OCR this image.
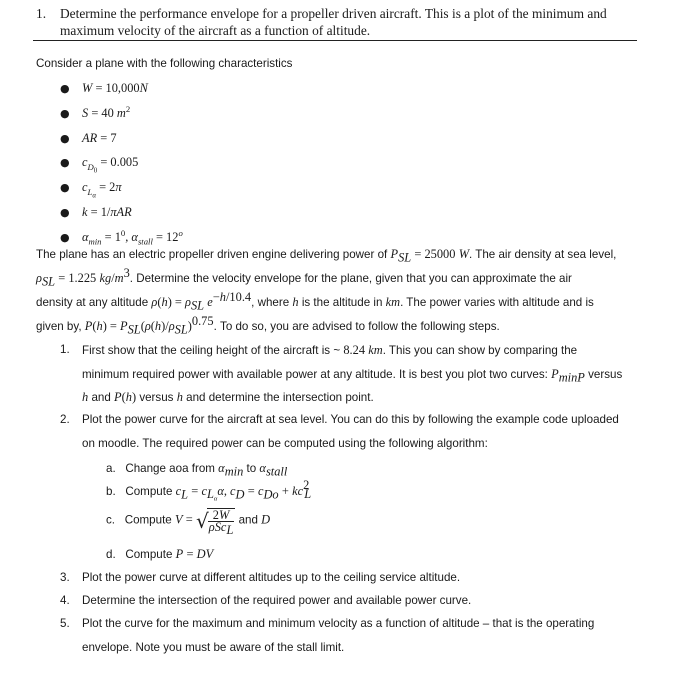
1. Determine the performance envelope for a propeller driven aircraft. This is a plot of the minimum and maximum velocity of the aircraft as a function of altitude.
Consider a plane with the following characteristics
● W = 10,000N
● S = 40 $m^2$
● AR = 7
● $c_{D_0} = 0.005$
● $c_{L_\alpha} = 2\pi$
● k = 1/πAR
● $\alpha_{min} = 1^0$, $\alpha_{stall} = 12^o$
The plane has an electric propeller driven engine delivering power of $P_{SL} = 25000$ W. The air density at sea level,
$\rho_{SL} = 1.225$ $kg/m^3$. Determine the velocity envelope for the plane, given that you can approximate the air
density at any altitude $\rho(h) = \rho_{SL}$ $e^{-h/10.4}$, where h is the altitude in km. The power varies with altitude and is
given by, $P(h) = P_{SL}(\rho(h)/\rho_{SL})^{0.75}$. To do so, you are advised to follow the following steps.
1. First show that the ceiling height of the aircraft is ~ 8.24 km. This you can show by comparing the
minimum required power with available power at any altitude. It is best you plot two curves: $P_{minP}$ versus
h and P(h) versus h and determine the intersection point.
2. Plot the power curve for the aircraft at sea level. You can do this by following the example code uploaded
on moodle. The required power can be computed using the following algorithm:
a. Change aoa from $\alpha_{min}$ to $\alpha_{stall}$
b. Compute $c_L = c_{L_\alpha}\alpha$, $c_D = c_{Do} + kc^2_L$
c. Compute V = √ $\frac{2W}{\rho Sc_L}$ and D
d. Compute P = DV
3. Plot the power curve at different altitudes up to the ceiling service altitude.
4. Determine the intersection of the required power and available power curve.
5. Plot the curve for the maximum and minimum velocity as a function of altitude – that is the operating
envelope. Note you must be aware of the stall limit.
